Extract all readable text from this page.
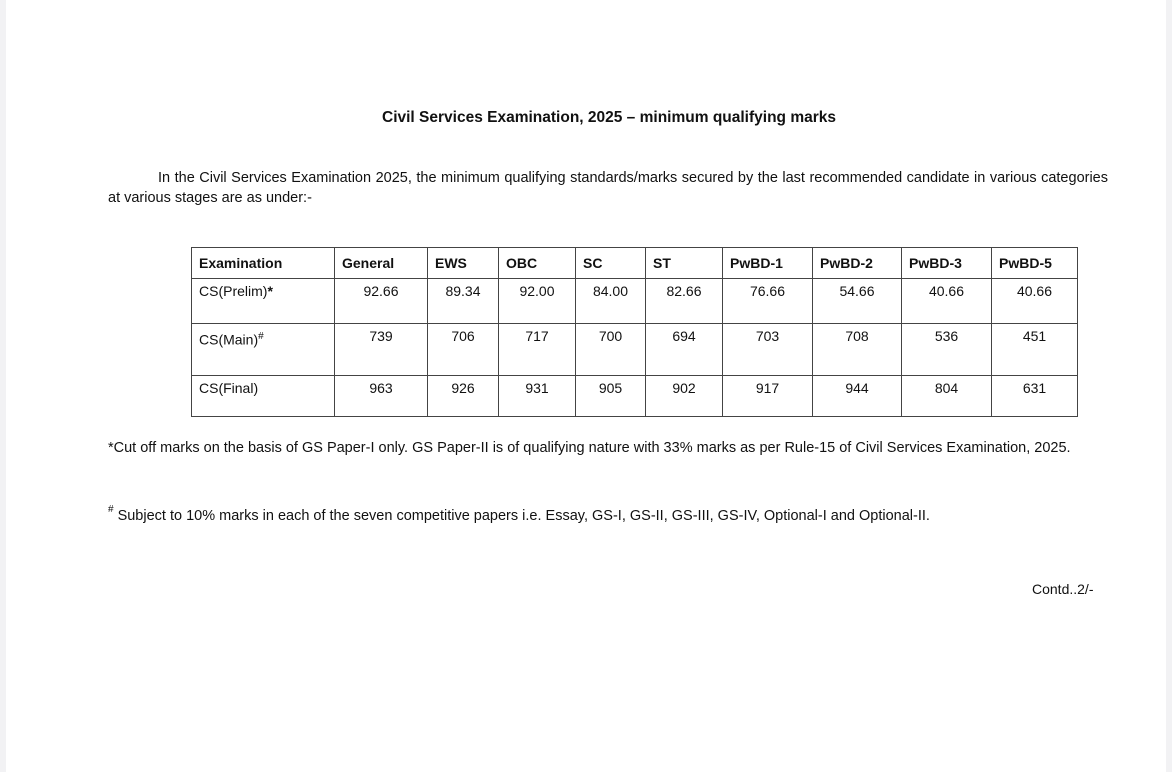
Civil Services Examination, 2025 – minimum qualifying marks
In the Civil Services Examination 2025, the minimum qualifying standards/marks secured by the last recommended candidate in various categories at various stages are as under:-
Examination	General	EWS	OBC	SC	ST	PwBD-1	PwBD-2	PwBD-3	PwBD-5
CS(Prelim)*	92.66	89.34	92.00	84.00	82.66	76.66	54.66	40.66	40.66
CS(Main)#	739	706	717	700	694	703	708	536	451
CS(Final)	963	926	931	905	902	917	944	804	631
*Cut off marks on the basis of GS Paper-I only. GS Paper-II is of qualifying nature with 33% marks as per Rule-15 of Civil Services Examination, 2025.
# Subject to 10% marks in each of the seven competitive papers i.e. Essay, GS-I, GS-II, GS-III, GS-IV, Optional-I and Optional-II.
Contd..2/-
